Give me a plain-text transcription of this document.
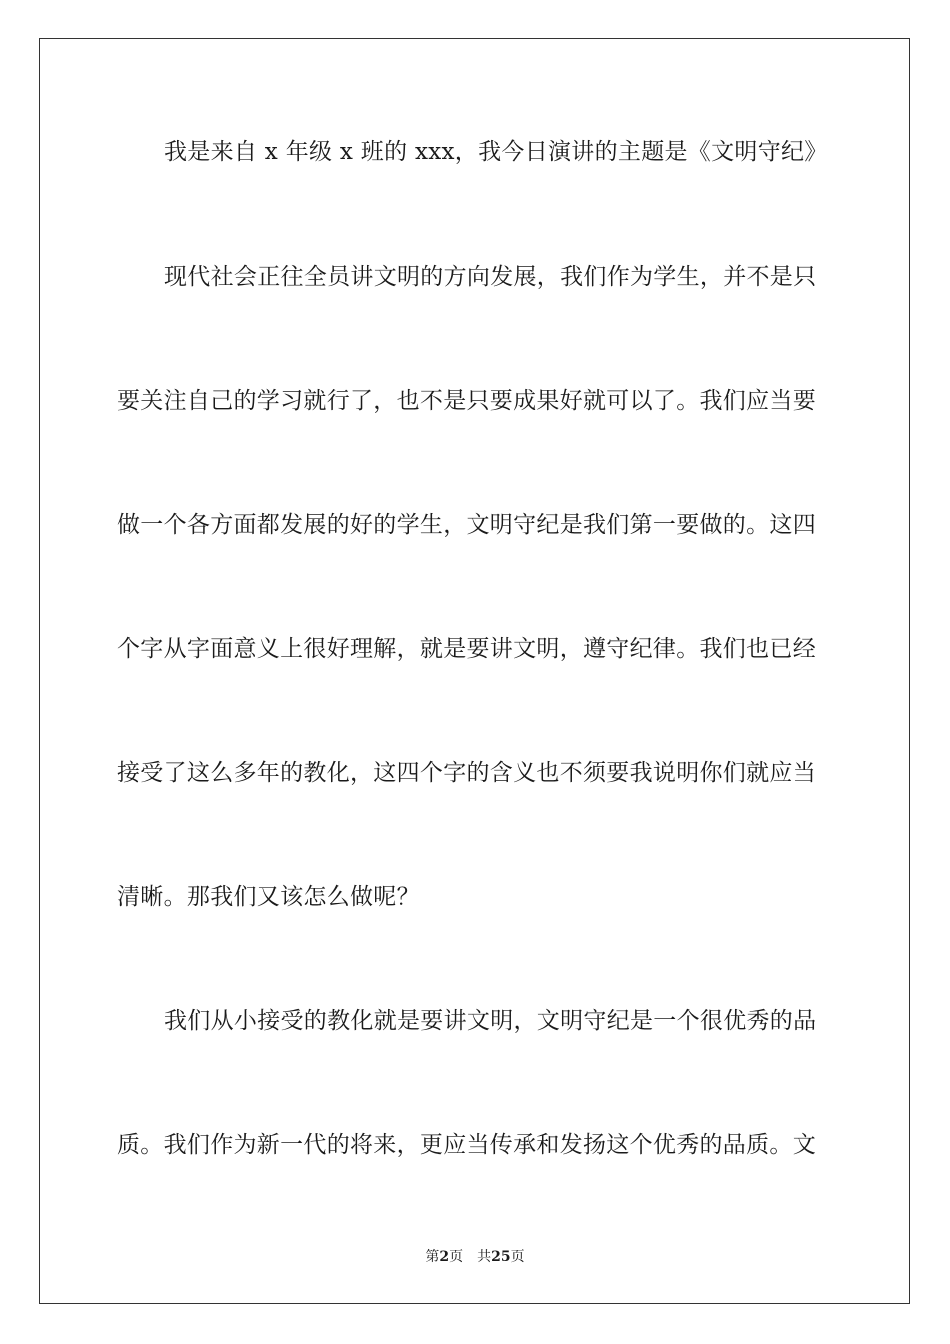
我是来自 x 年级 x 班的 xxx，我今日演讲的主题是《文明守纪》
现代社会正往全员讲文明的方向发展，我们作为学生，并不是只
要关注自己的学习就行了，也不是只要成果好就可以了。我们应当要
做一个各方面都发展的好的学生，文明守纪是我们第一要做的。这四
个字从字面意义上很好理解，就是要讲文明，遵守纪律。我们也已经
接受了这么多年的教化，这四个字的含义也不须要我说明你们就应当
清晰。那我们又该怎么做呢？
我们从小接受的教化就是要讲文明，文明守纪是一个很优秀的品
质。我们作为新一代的将来，更应当传承和发扬这个优秀的品质。文
第2页 共25页
